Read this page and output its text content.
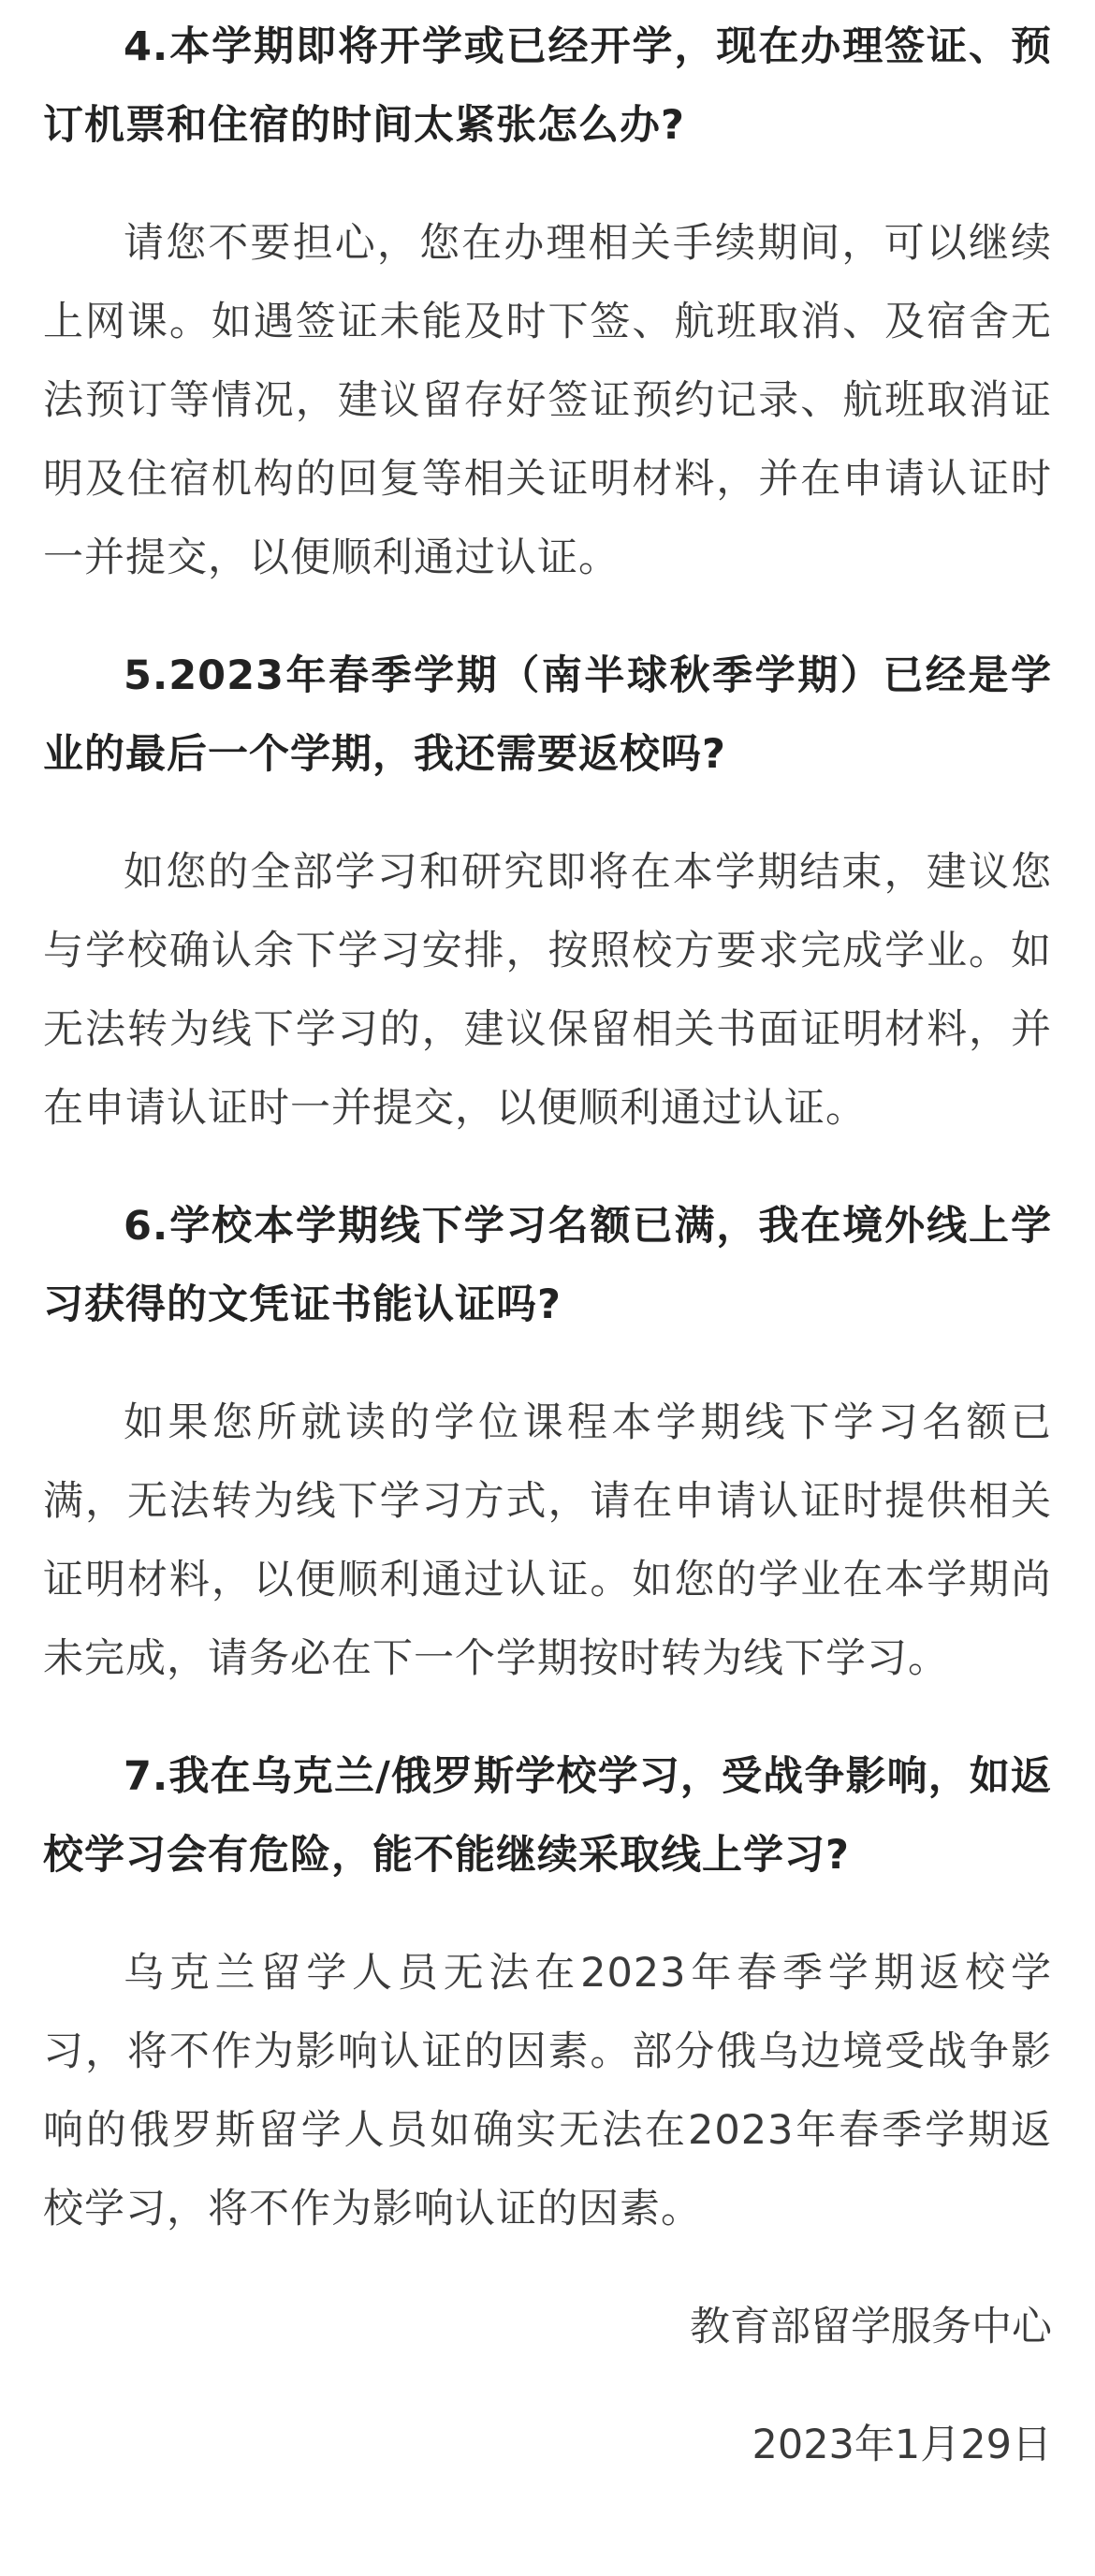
4.本学期即将开学或已经开学，现在办理签证、预订机票和住宿的时间太紧张怎么办?

请您不要担心，您在办理相关手续期间，可以继续上网课。如遇签证未能及时下签、航班取消、及宿舍无法预订等情况，建议留存好签证预约记录、航班取消证明及住宿机构的回复等相关证明材料，并在申请认证时一并提交，以便顺利通过认证。

5.2023年春季学期（南半球秋季学期）已经是学业的最后一个学期，我还需要返校吗?

如您的全部学习和研究即将在本学期结束，建议您与学校确认余下学习安排，按照校方要求完成学业。如无法转为线下学习的，建议保留相关书面证明材料，并在申请认证时一并提交，以便顺利通过认证。

6.学校本学期线下学习名额已满，我在境外线上学习获得的文凭证书能认证吗?

如果您所就读的学位课程本学期线下学习名额已满，无法转为线下学习方式，请在申请认证时提供相关证明材料，以便顺利通过认证。如您的学业在本学期尚未完成，请务必在下一个学期按时转为线下学习。

7.我在乌克兰/俄罗斯学校学习，受战争影响，如返校学习会有危险，能不能继续采取线上学习?

乌克兰留学人员无法在2023年春季学期返校学习，将不作为影响认证的因素。部分俄乌边境受战争影响的俄罗斯留学人员如确实无法在2023年春季学期返校学习，将不作为影响认证的因素。

教育部留学服务中心

2023年1月29日
